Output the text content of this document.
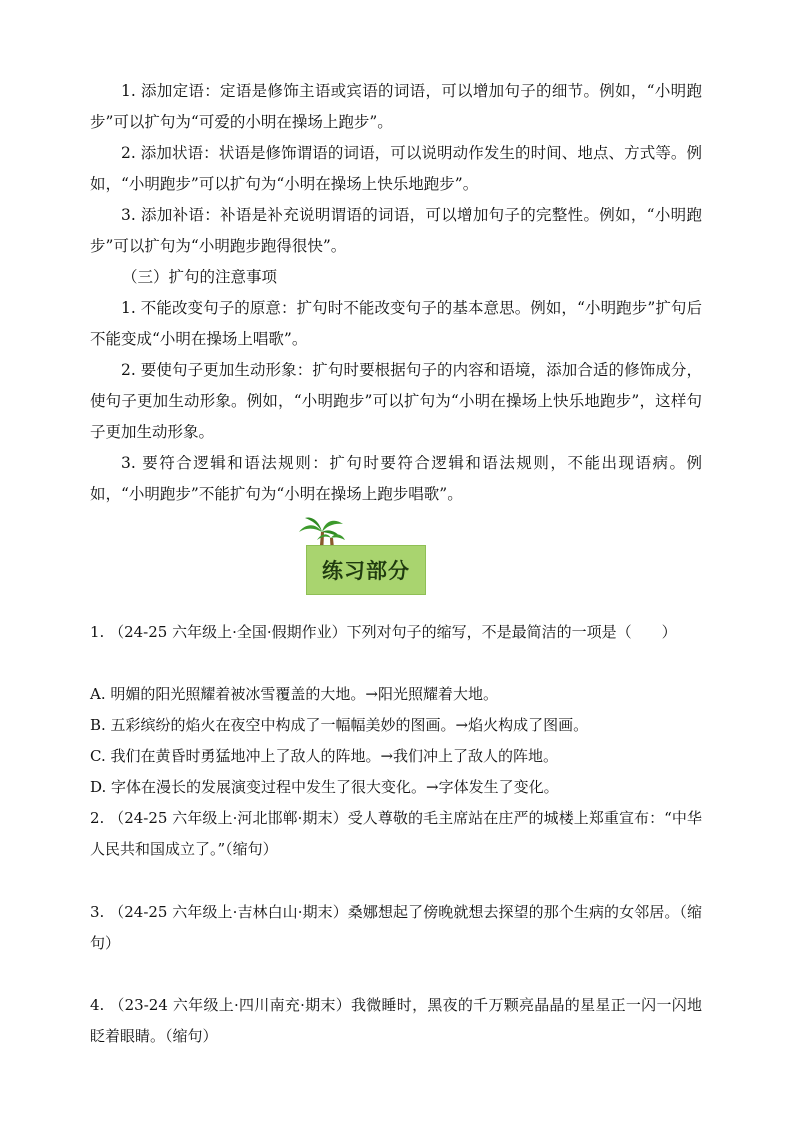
1. 添加定语：定语是修饰主语或宾语的词语，可以增加句子的细节。例如，“小明跑步”可以扩句为“可爱的小明在操场上跑步”。

2. 添加状语：状语是修饰谓语的词语，可以说明动作发生的时间、地点、方式等。例如，“小明跑步”可以扩句为“小明在操场上快乐地跑步”。

3. 添加补语：补语是补充说明谓语的词语，可以增加句子的完整性。例如，“小明跑步”可以扩句为“小明跑步跑得很快”。

（三）扩句的注意事项

1. 不能改变句子的原意：扩句时不能改变句子的基本意思。例如，“小明跑步”扩句后不能变成“小明在操场上唱歌”。

2. 要使句子更加生动形象：扩句时要根据句子的内容和语境，添加合适的修饰成分，使句子更加生动形象。例如，“小明跑步”可以扩句为“小明在操场上快乐地跑步”，这样句子更加生动形象。

3. 要符合逻辑和语法规则：扩句时要符合逻辑和语法规则，不能出现语病。例如，“小明跑步”不能扩句为“小明在操场上跑步唱歌”。

练习部分

1. （24-25 六年级上·全国·假期作业）下列对句子的缩写，不是最简洁的一项是（　　）

A. 明媚的阳光照耀着被冰雪覆盖的大地。→阳光照耀着大地。

B. 五彩缤纷的焰火在夜空中构成了一幅幅美妙的图画。→焰火构成了图画。

C. 我们在黄昏时勇猛地冲上了敌人的阵地。→我们冲上了敌人的阵地。

D. 字体在漫长的发展演变过程中发生了很大变化。→字体发生了变化。

2. （24-25 六年级上·河北邯郸·期末）受人尊敬的毛主席站在庄严的城楼上郑重宣布：“中华人民共和国成立了。”（缩句）

3. （24-25 六年级上·吉林白山·期末）桑娜想起了傍晚就想去探望的那个生病的女邻居。（缩句）

4. （23-24 六年级上·四川南充·期末）我微睡时，黑夜的千万颗亮晶晶的星星正一闪一闪地眨着眼睛。（缩句）
